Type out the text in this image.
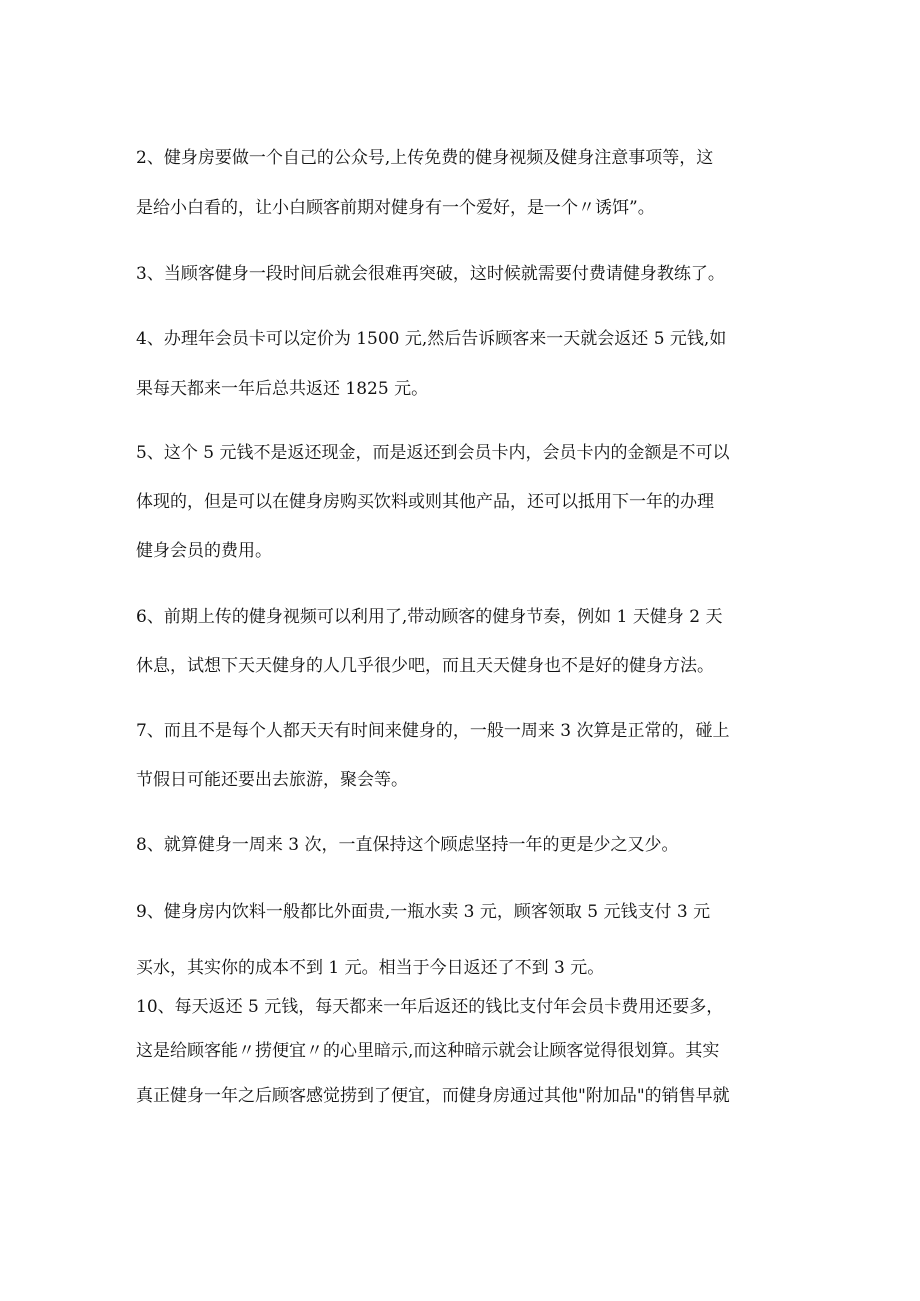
2、健身房要做一个自己的公众号,上传免费的健身视频及健身注意事项等，这
是给小白看的，让小白顾客前期对健身有一个爱好，是一个〃诱饵”。
3、当顾客健身一段时间后就会很难再突破，这时候就需要付费请健身教练了。
4、办理年会员卡可以定价为 1500 元,然后告诉顾客来一天就会返还 5 元钱,如
果每天都来一年后总共返还 1825 元。
5、这个 5 元钱不是返还现金，而是返还到会员卡内，会员卡内的金额是不可以
体现的，但是可以在健身房购买饮料或则其他产品，还可以抵用下一年的办理
健身会员的费用。
6、前期上传的健身视频可以利用了,带动顾客的健身节奏，例如 1 天健身 2 天
休息，试想下天天健身的人几乎很少吧，而且天天健身也不是好的健身方法。
7、而且不是每个人都天天有时间来健身的，一般一周来 3 次算是正常的，碰上
节假日可能还要出去旅游，聚会等。
8、就算健身一周来 3 次，一直保持这个顾虑坚持一年的更是少之又少。
9、健身房内饮料一般都比外面贵,一瓶水卖 3 元，顾客领取 5 元钱支付 3 元
买水，其实你的成本不到 1 元。相当于今日返还了不到 3 元。
10、每天返还 5 元钱，每天都来一年后返还的钱比支付年会员卡费用还要多，
这是给顾客能〃捞便宜〃的心里暗示,而这种暗示就会让顾客觉得很划算。其实
真正健身一年之后顾客感觉捞到了便宜，而健身房通过其他"附加品"的销售早就
